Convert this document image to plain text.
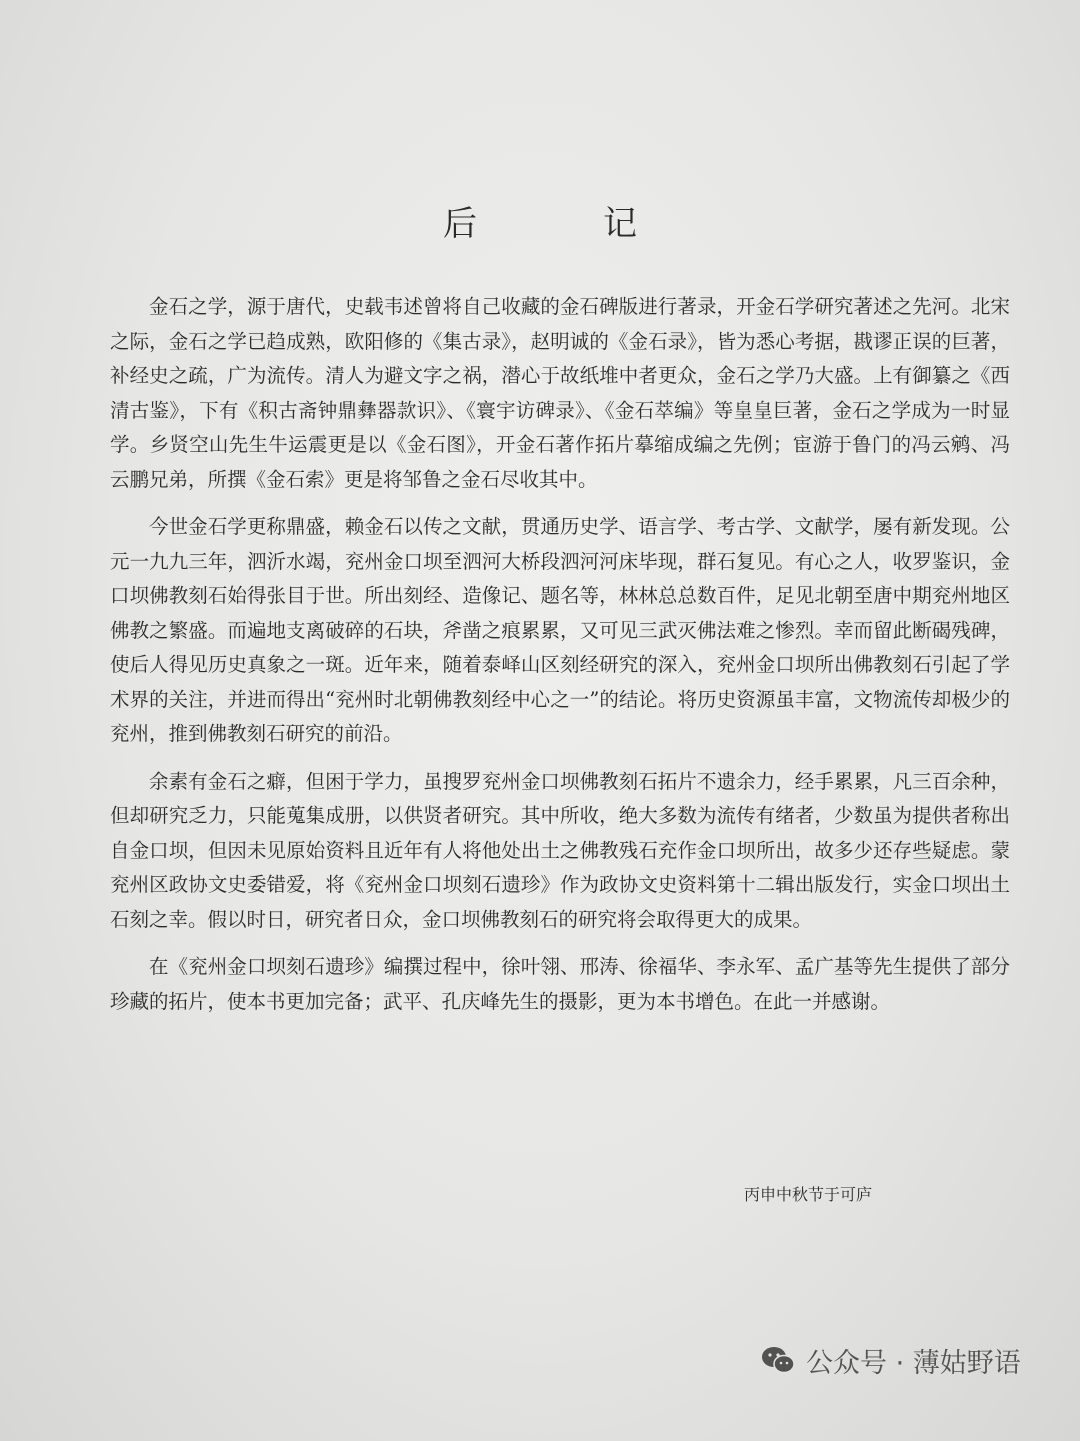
后　记

金石之学，源于唐代，史载韦述曾将自己收藏的金石碑版进行著录，开金石学研究著述之先河。北宋之际，金石之学已趋成熟，欧阳修的《集古录》，赵明诚的《金石录》，皆为悉心考据，戡谬正误的巨著，补经史之疏，广为流传。清人为避文字之祸，潜心于故纸堆中者更众，金石之学乃大盛。上有御纂之《西清古鉴》，下有《积古斋钟鼎彝器款识》、《寰宇访碑录》、《金石萃编》等皇皇巨著，金石之学成为一时显学。乡贤空山先生牛运震更是以《金石图》，开金石著作拓片摹缩成编之先例；宦游于鲁门的冯云鹓、冯云鹏兄弟，所撰《金石索》更是将邹鲁之金石尽收其中。

今世金石学更称鼎盛，赖金石以传之文献，贯通历史学、语言学、考古学、文献学，屡有新发现。公元一九九三年，泗沂水竭，兖州金口坝至泗河大桥段泗河河床毕现，群石复见。有心之人，收罗鉴识，金口坝佛教刻石始得张目于世。所出刻经、造像记、题名等，林林总总数百件，足见北朝至唐中期兖州地区佛教之繁盛。而遍地支离破碎的石块，斧凿之痕累累，又可见三武灭佛法难之惨烈。幸而留此断碣残碑，使后人得见历史真象之一斑。近年来，随着泰峄山区刻经研究的深入，兖州金口坝所出佛教刻石引起了学术界的关注，并进而得出“兖州时北朝佛教刻经中心之一”的结论。将历史资源虽丰富，文物流传却极少的兖州，推到佛教刻石研究的前沿。

余素有金石之癖，但困于学力，虽搜罗兖州金口坝佛教刻石拓片不遗余力，经手累累，凡三百余种，但却研究乏力，只能蒐集成册，以供贤者研究。其中所收，绝大多数为流传有绪者，少数虽为提供者称出自金口坝，但因未见原始资料且近年有人将他处出土之佛教残石充作金口坝所出，故多少还存些疑虑。蒙兖州区政协文史委错爱，将《兖州金口坝刻石遗珍》作为政协文史资料第十二辑出版发行，实金口坝出土石刻之幸。假以时日，研究者日众，金口坝佛教刻石的研究将会取得更大的成果。

在《兖州金口坝刻石遗珍》编撰过程中，徐叶翎、邢涛、徐福华、李永军、孟广基等先生提供了部分珍藏的拓片，使本书更加完备；武平、孔庆峰先生的摄影，更为本书增色。在此一并感谢。

丙申中秋节于可庐
公众号 · 薄姑野语
